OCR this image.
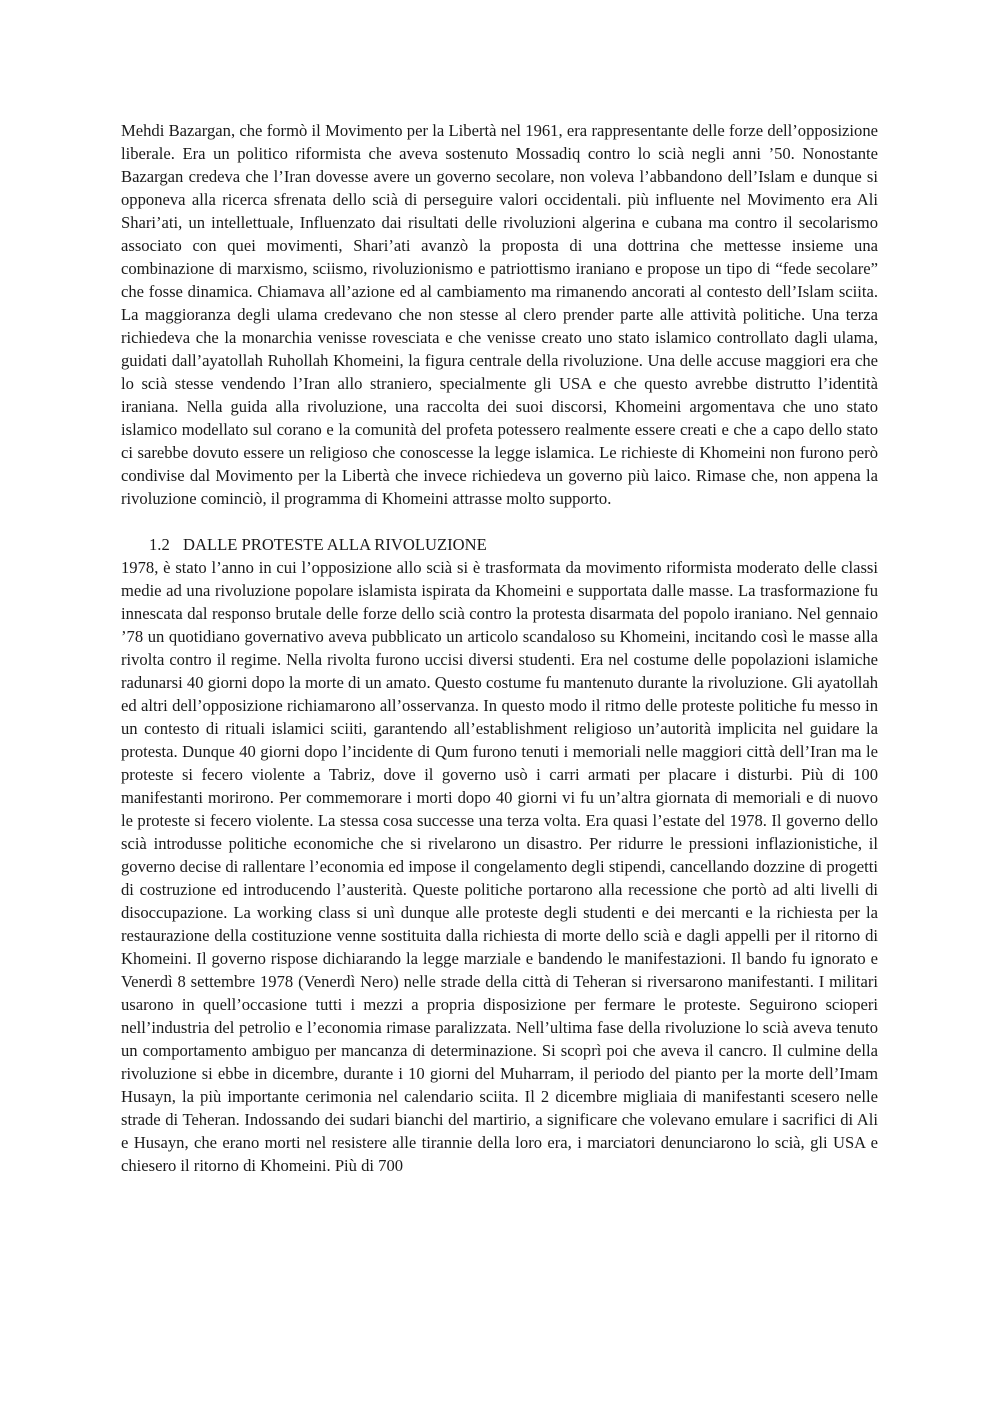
Mehdi Bazargan, che formò il Movimento per la Libertà nel 1961, era rappresentante delle forze dell’opposizione liberale. Era un politico riformista che aveva sostenuto Mossadiq contro lo scià negli anni ’50. Nonostante Bazargan credeva che l’Iran dovesse avere un governo secolare, non voleva l’abbandono dell’Islam e dunque si opponeva alla ricerca sfrenata dello scià di perseguire valori occidentali. più influente nel Movimento era Ali Shari’ati, un intellettuale, Influenzato dai risultati delle rivoluzioni algerina e cubana ma contro il secolarismo associato con quei movimenti, Shari’ati avanzò la proposta di una dottrina che mettesse insieme una combinazione di marxismo, sciismo, rivoluzionismo e patriottismo iraniano e propose un tipo di “fede secolare” che fosse dinamica. Chiamava all’azione ed al cambiamento ma rimanendo ancorati al contesto dell’Islam sciita. La maggioranza degli ulama credevano che non stesse al clero prender parte alle attività politiche. Una terza richiedeva che la monarchia venisse rovesciata e che venisse creato uno stato islamico controllato dagli ulama, guidati dall’ayatollah Ruhollah Khomeini, la figura centrale della rivoluzione. Una delle accuse maggiori era che lo scià stesse vendendo l’Iran allo straniero, specialmente gli USA e che questo avrebbe distrutto l’identità iraniana. Nella guida alla rivoluzione, una raccolta dei suoi discorsi, Khomeini argomentava che uno stato islamico modellato sul corano e la comunità del profeta potessero realmente essere creati e che a capo dello stato ci sarebbe dovuto essere un religioso che conoscesse la legge islamica. Le richieste di Khomeini non furono però condivise dal Movimento per la Libertà che invece richiedeva un governo più laico. Rimase che, non appena la rivoluzione cominciò, il programma di Khomeini attrasse molto supporto.

1.2 DALLE PROTESTE ALLA RIVOLUZIONE

1978, è stato l’anno in cui l’opposizione allo scià si è trasformata da movimento riformista moderato delle classi medie ad una rivoluzione popolare islamista ispirata da Khomeini e supportata dalle masse. La trasformazione fu innescata dal responso brutale delle forze dello scià contro la protesta disarmata del popolo iraniano. Nel gennaio ’78 un quotidiano governativo aveva pubblicato un articolo scandaloso su Khomeini, incitando così le masse alla rivolta contro il regime. Nella rivolta furono uccisi diversi studenti. Era nel costume delle popolazioni islamiche radunarsi 40 giorni dopo la morte di un amato. Questo costume fu mantenuto durante la rivoluzione. Gli ayatollah ed altri dell’opposizione richiamarono all’osservanza. In questo modo il ritmo delle proteste politiche fu messo in un contesto di rituali islamici sciiti, garantendo all’establishment religioso un’autorità implicita nel guidare la protesta. Dunque 40 giorni dopo l’incidente di Qum furono tenuti i memoriali nelle maggiori città dell’Iran ma le proteste si fecero violente a Tabriz, dove il governo usò i carri armati per placare i disturbi. Più di 100 manifestanti morirono. Per commemorare i morti dopo 40 giorni vi fu un’altra giornata di memoriali e di nuovo le proteste si fecero violente. La stessa cosa successe una terza volta. Era quasi l’estate del 1978. Il governo dello scià introdusse politiche economiche che si rivelarono un disastro. Per ridurre le pressioni inflazionistiche, il governo decise di rallentare l’economia ed impose il congelamento degli stipendi, cancellando dozzine di progetti di costruzione ed introducendo l’austerità. Queste politiche portarono alla recessione che portò ad alti livelli di disoccupazione. La working class si unì dunque alle proteste degli studenti e dei mercanti e la richiesta per la restaurazione della costituzione venne sostituita dalla richiesta di morte dello scià e dagli appelli per il ritorno di Khomeini. Il governo rispose dichiarando la legge marziale e bandendo le manifestazioni. Il bando fu ignorato e Venerdì 8 settembre 1978 (Venerdì Nero) nelle strade della città di Teheran si riversarono manifestanti. I militari usarono in quell’occasione tutti i mezzi a propria disposizione per fermare le proteste. Seguirono scioperi nell’industria del petrolio e l’economia rimase paralizzata. Nell’ultima fase della rivoluzione lo scià aveva tenuto un comportamento ambiguo per mancanza di determinazione. Si scoprì poi che aveva il cancro. Il culmine della rivoluzione si ebbe in dicembre, durante i 10 giorni del Muharram, il periodo del pianto per la morte dell’Imam Husayn, la più importante cerimonia nel calendario sciita. Il 2 dicembre migliaia di manifestanti scesero nelle strade di Teheran. Indossando dei sudari bianchi del martirio, a significare che volevano emulare i sacrifici di Ali e Husayn, che erano morti nel resistere alle tirannie della loro era, i marciatori denunciarono lo scià, gli USA e chiesero il ritorno di Khomeini. Più di 700
